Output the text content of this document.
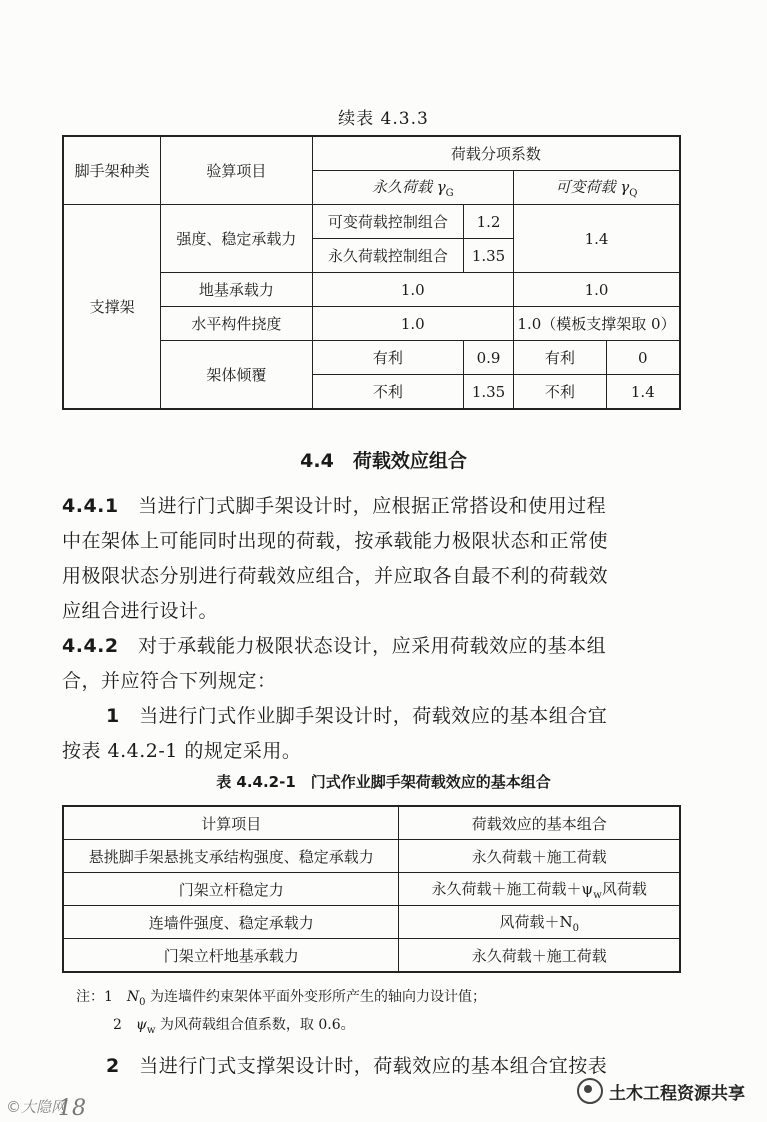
续表 4.3.3
脚手架种类	验算项目	荷载分项系数			
		永久荷载 $\gamma_G$		可变荷载 $\gamma_Q$
支撑架	强度、稳定承载力	可变荷载控制组合	1.2	1.4	
		永久荷载控制组合	1.35		
	地基承载力	1.0		1.0	
	水平构件挠度	1.0		1.0（模板支撑架取 0）	
	架体倾覆	有利	0.9	有利	0
		不利	1.35	不利	1.4
4.4　荷载效应组合
4.4.1　 当进行门式脚手架设计时，应根据正常搭设和使用过程
中在架体上可能同时出现的荷载，按承载能力极限状态和正常使
用极限状态分别进行荷载效应组合，并应取各自最不利的荷载效
应组合进行设计。
4.4.2　 对于承载能力极限状态设计，应采用荷载效应的基本组
合，并应符合下列规定：
1　 当进行门式作业脚手架设计时，荷载效应的基本组合宜
按表 4.4.2-1 的规定采用。
表 4.4.2-1　门式作业脚手架荷载效应的基本组合
计算项目	荷载效应的基本组合
悬挑脚手架悬挑支承结构强度、稳定承载力	永久荷载＋施工荷载
门架立杆稳定力	永久荷载＋施工荷载$+\psi_w$风荷载
连墙件强度、稳定承载力	风荷载$+N_0$
门架立杆地基承载力	永久荷载＋施工荷载
注：1　 $N_0$ 为连墙件约束架体平面外变形所产生的轴向力设计值；
2　 $\psi_w$ 为风荷载组合值系数，取 0.6。
2　 当进行门式支撑架设计时，荷载效应的基本组合宜按表
©大隐网
18
土木工程资源共享
